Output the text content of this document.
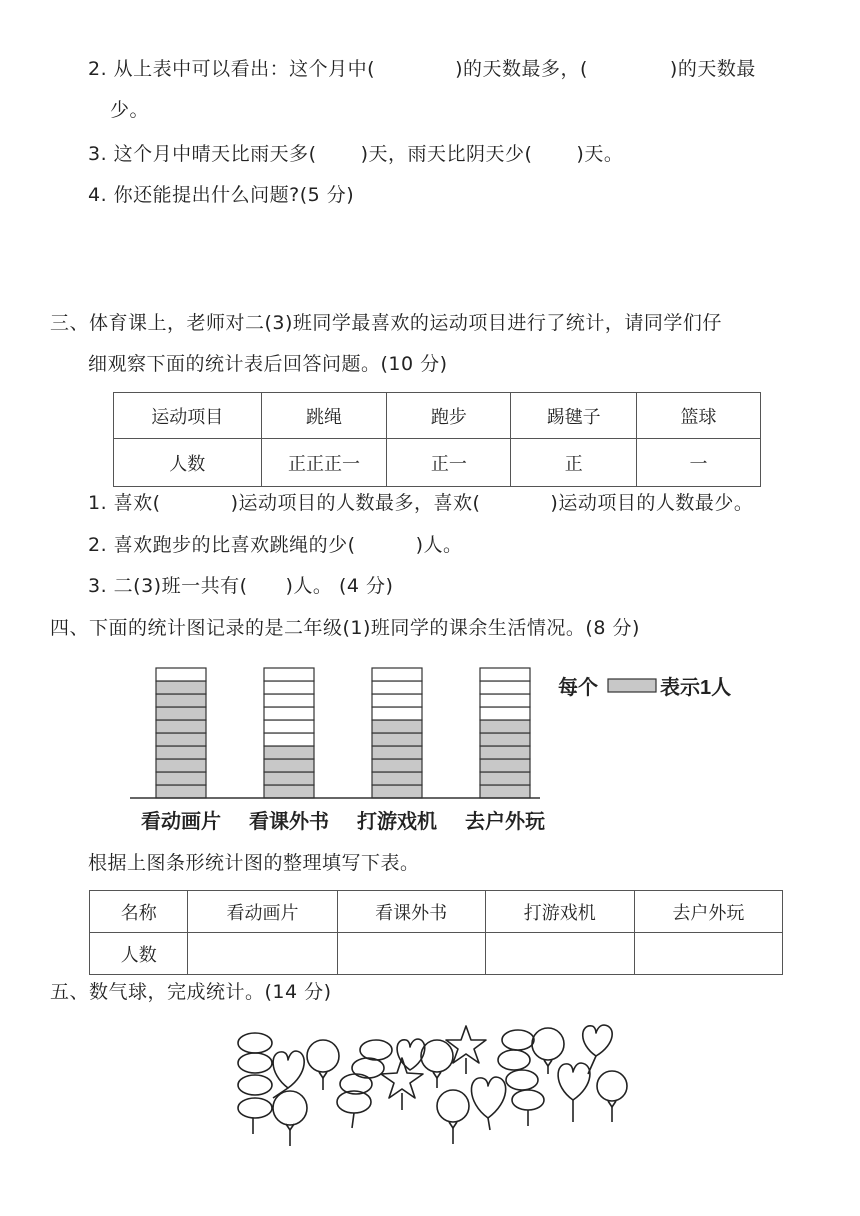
2. 从上表中可以看出：这个月中(	)的天数最多，(	)的天数最
少。
3. 这个月中晴天比雨天多( )天，雨天比阴天少( )天。
4. 你还能提出什么问题?(5 分)
三、体育课上，老师对二(3)班同学最喜欢的运动项目进行了统计，请同学们仔
细观察下面的统计表后回答问题。(10 分)
运动项目	跳绳	跑步	踢毽子	篮球
人数	正正正一	正一	正	一
1. 喜欢(	)运动项目的人数最多，喜欢(	)运动项目的人数最少。
2. 喜欢跑步的比喜欢跳绳的少(	)人。
3. 二(3)班一共有( )人。 (4 分)
四、下面的统计图记录的是二年级(1)班同学的课余生活情况。(8 分)
看动画片 看课外书 打游戏机 去户外玩
每个	表示1人
根据上图条形统计图的整理填写下表。
名称	看动画片	看课外书	打游戏机	去户外玩
人数				
五、数气球，完成统计。(14 分)
